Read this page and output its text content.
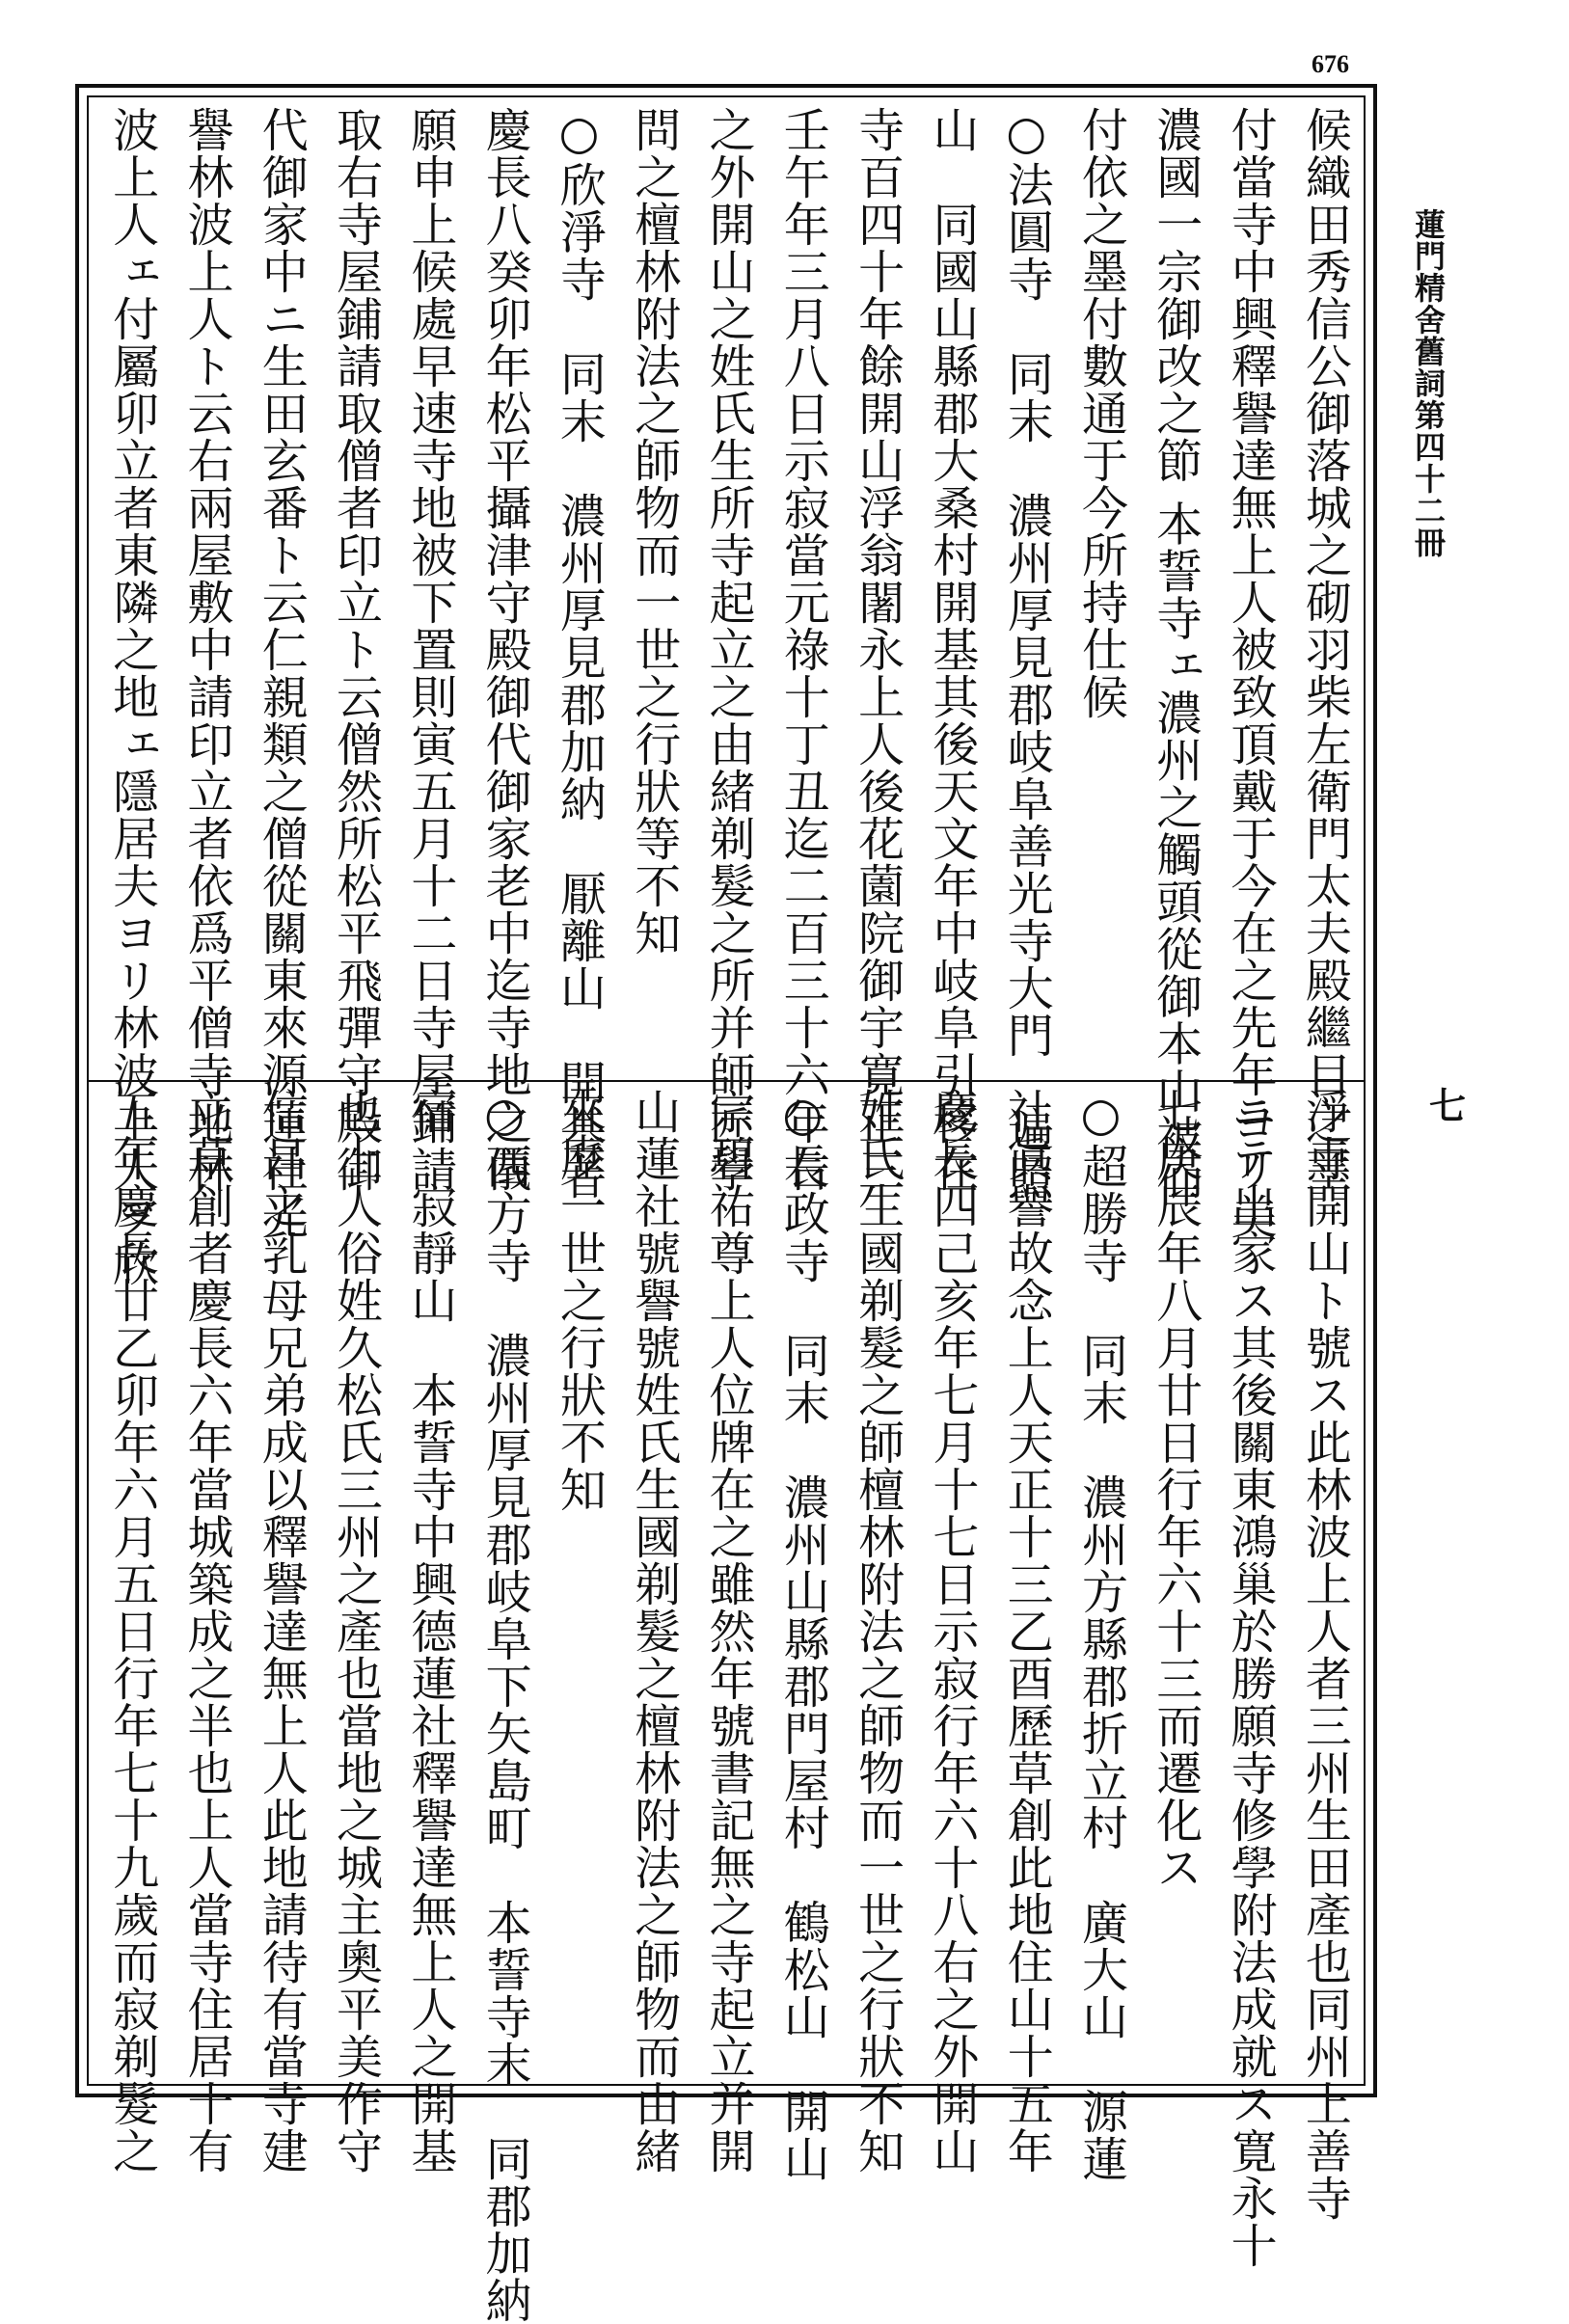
676
蓮門精舍舊詞第四十二冊
七
候織田秀信公御落城之砌羽柴左衛門太夫殿繼目之墨
付當寺中興釋譽達無上人被致頂戴于今在之先年ヨリ美
濃國一宗御改之節 本誓寺ェ濃州之觸頭從御本山被仰
付依之墨付數通于今所持仕候
○法圓寺　同末　濃州厚見郡岐阜善光寺大門　遍照
山　同國山縣郡大桑村開基其後天文年中岐阜引移在
寺百四十年餘開山浮翁闍永上人後花薗院御宇寛正三
壬午年三月八日示寂當元祿十丁丑迄二百三十六年右
之外開山之姓氏生所寺起立之由緒剃髮之所并師匠學
問之檀林附法之師物而一世之行狀等不知
○欣淨寺　同末　濃州厚見郡加納　厭離山　開基者
慶長八癸卯年松平攝津守殿御代御家老中迄寺地之儀
願申上候處早速寺地被下置則寅五月十二日寺屋鋪請
取右寺屋鋪請取僧者印立ト云僧然所松平飛彈守殿御
代御家中ニ生田玄番ト云仁親類之僧從關東來源蓮社光
譽林波上人ト云右兩屋敷中請印立者依爲平僧寺地林
波上人ェ付屬卯立者東隣之地ェ隱居夫ヨリ林波上人ヲ欣
淨寺開山ト號ス此林波上人者三州生田產也同州上善寺
ニテ出家ス其後關東鴻巢於勝願寺修學附法成就ス寛永十
七庚辰年八月廿日行年六十三而遷化ス
○超勝寺　同末　濃州方縣郡折立村　廣大山　源蓮
社眞譽故念上人天正十三乙酉歷草創此地住山十五年
慶長四己亥年七月十七日示寂行年六十八右之外開山
姓氏生國剃髮之師檀林附法之師物而一世之行狀不知
○長政寺　同末　濃州山縣郡門屋村　鶴松山　開山
宗碧祐尊上人位牌在之雖然年號書記無之寺起立并開
山蓮社號譽號姓氏生國剃髮之檀林附法之師物而由緒
來歷一世之行狀不知
○西方寺　濃州厚見郡岐阜下矢島町　本誓寺末　同郡加納
宿　寂靜山　本誓寺中興德蓮社釋譽達無上人之開基
也上人俗姓久松氏三州之產也當地之城主奧平美作守
信昌之乳母兄弟成以釋譽達無上人此地請待有當寺建
立草創者慶長六年當城築成之半也上人當寺住居十有
五年慶長廿乙卯年六月五日行年七十九歲而寂剃髮之
